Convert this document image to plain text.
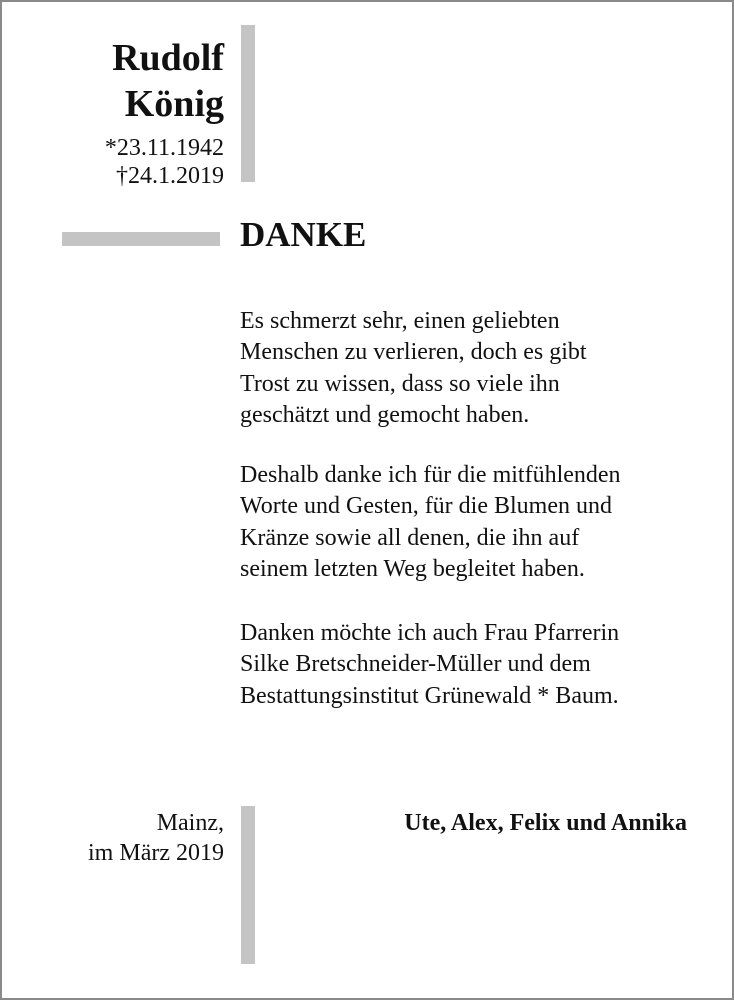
Rudolf
König
*23.11.1942
†24.1.2019
DANKE

Es schmerzt sehr, einen geliebten
Menschen zu verlieren, doch es gibt
Trost zu wissen, dass so viele ihn
geschätzt und gemocht haben.

Deshalb danke ich für die mitfühlenden
Worte und Gesten, für die Blumen und
Kränze sowie all denen, die ihn auf
seinem letzten Weg begleitet haben.

Danken möchte ich auch Frau Pfarrerin
Silke Bretschneider-Müller und dem
Bestattungsinstitut Grünewald * Baum.

Mainz,
im März 2019
Ute, Alex, Felix und Annika
